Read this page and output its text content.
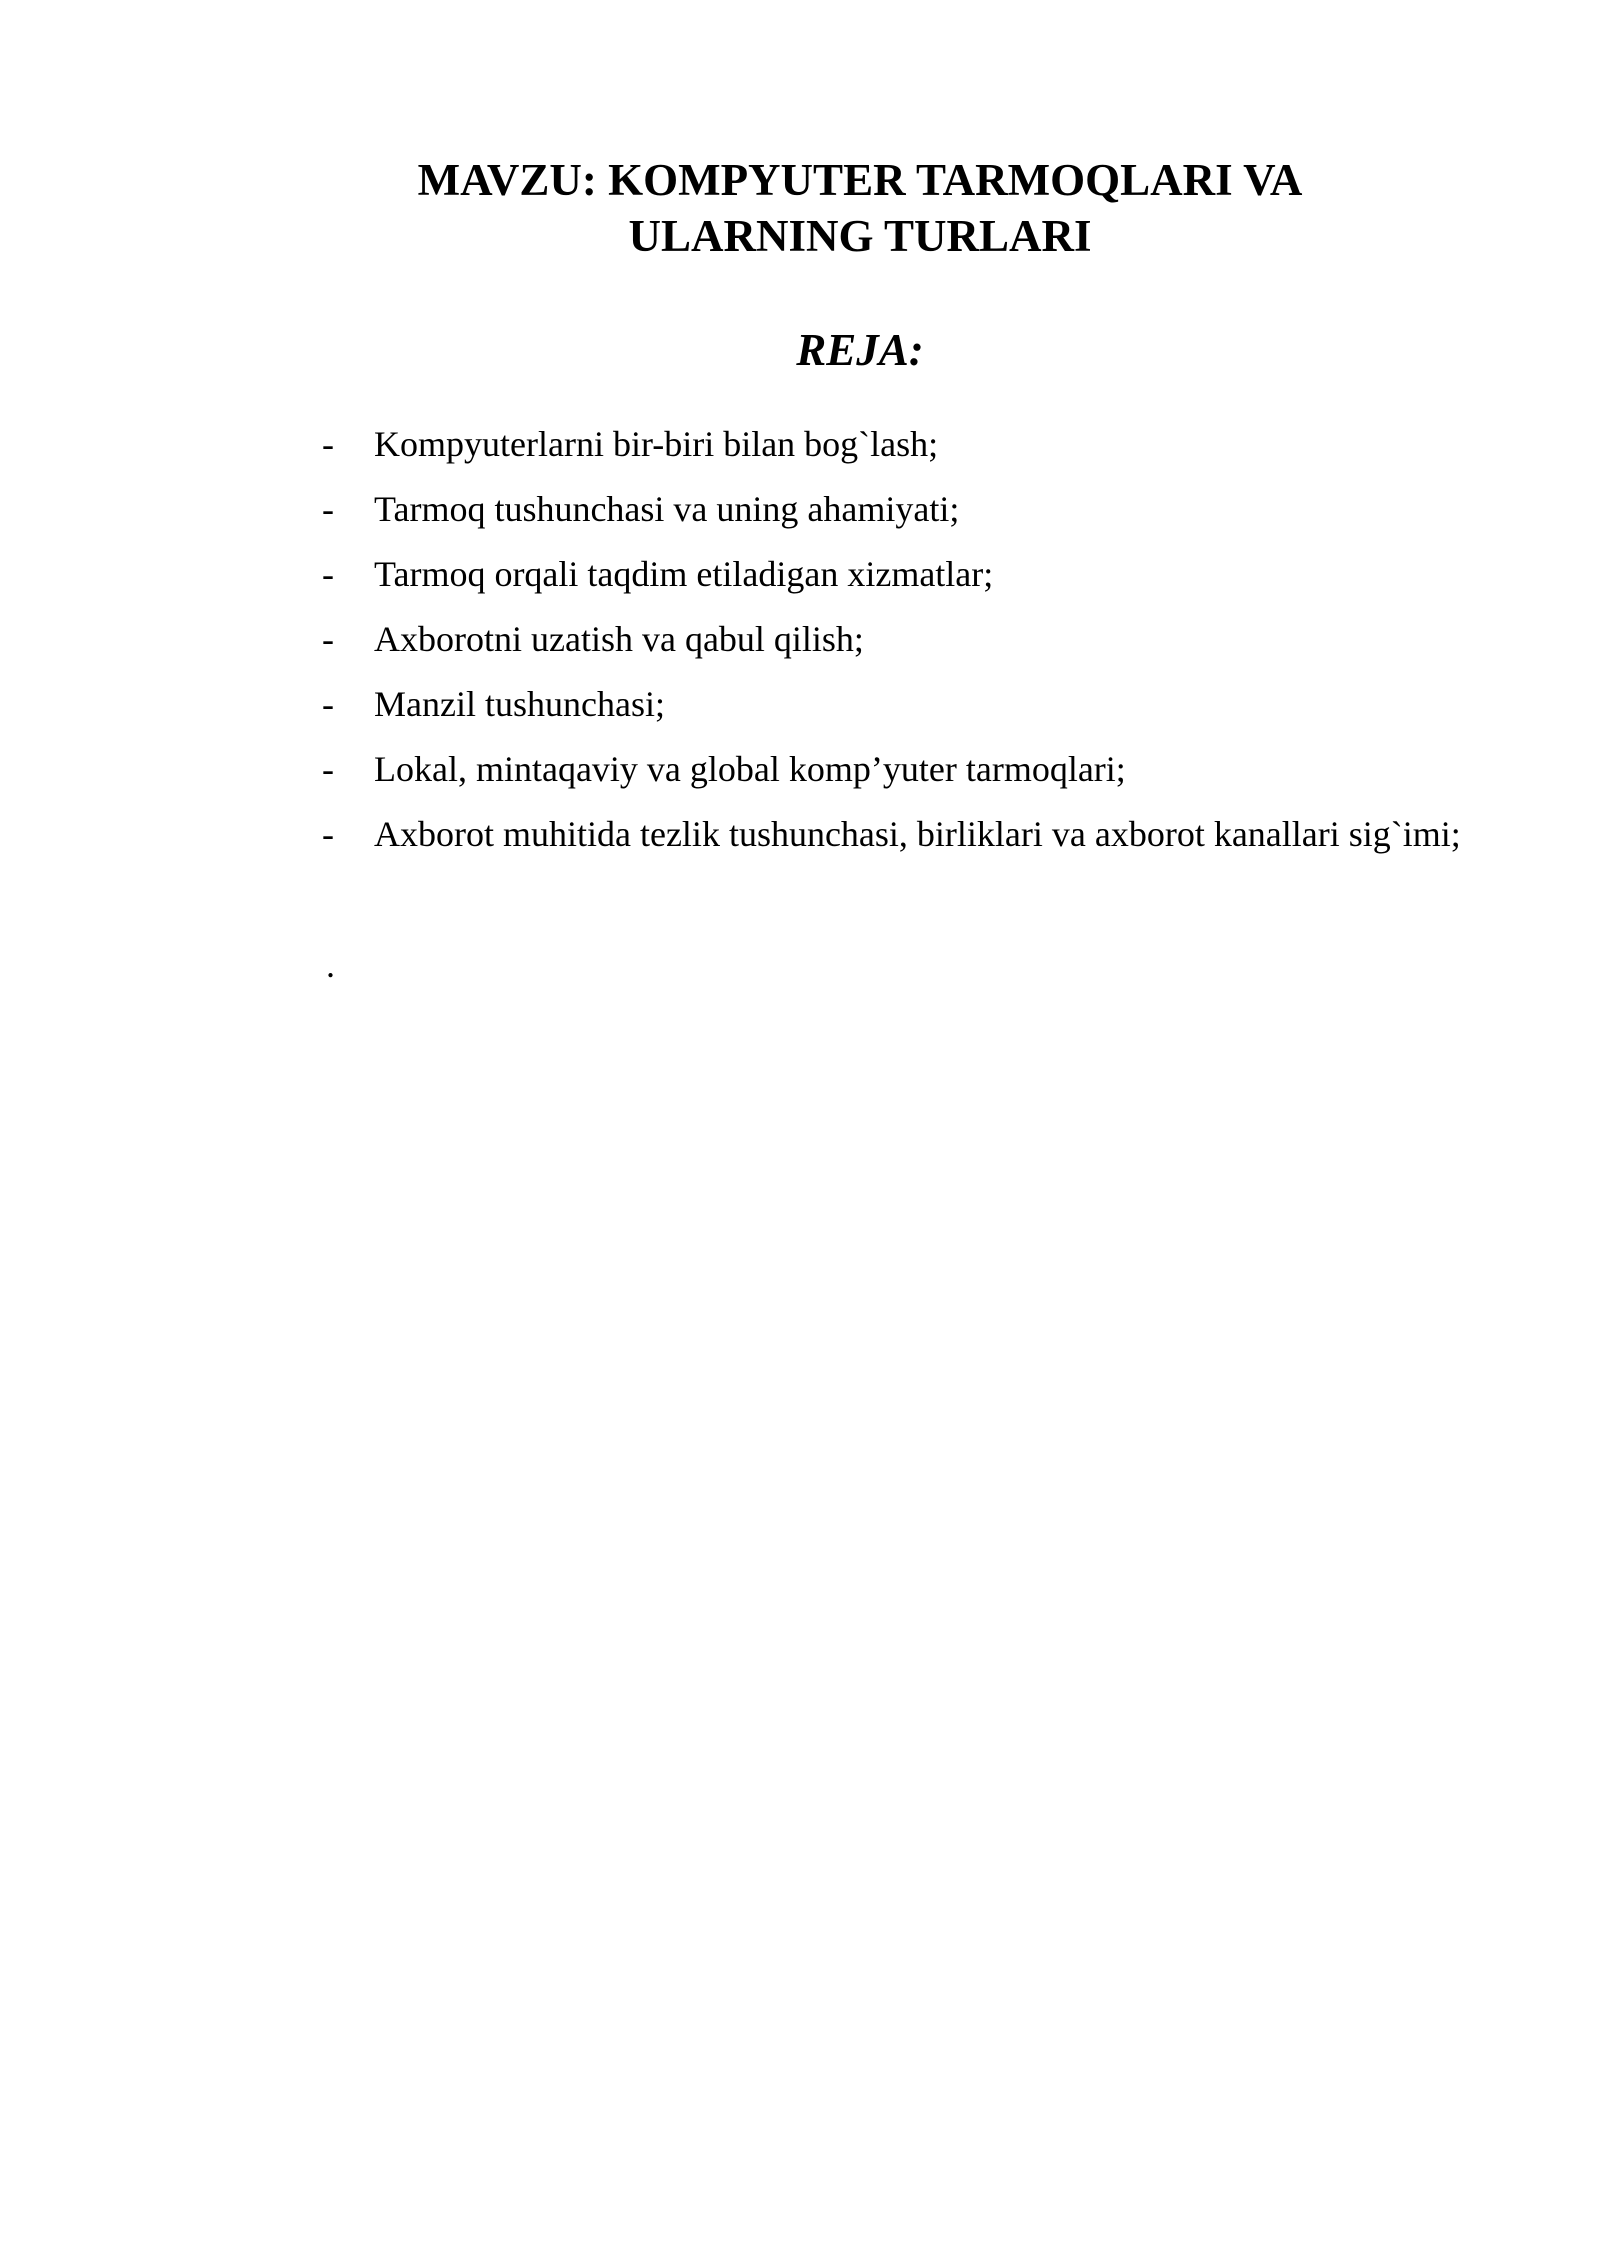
MAVZU: KOMPYUTER TARMOQLARI VA
ULARNING TURLARI
REJA:
- Kompyuterlarni bir-biri bilan bog`lash;
- Tarmoq tushunchasi va uning ahamiyati;
- Tarmoq orqali taqdim etiladigan xizmatlar;
- Axborotni uzatish va qabul qilish;
- Manzil tushunchasi;
- Lokal, mintaqaviy va global komp’yuter tarmoqlari;
- Axborot muhitida tezlik tushunchasi, birliklari va axborot kanallari sig`imi;
.
